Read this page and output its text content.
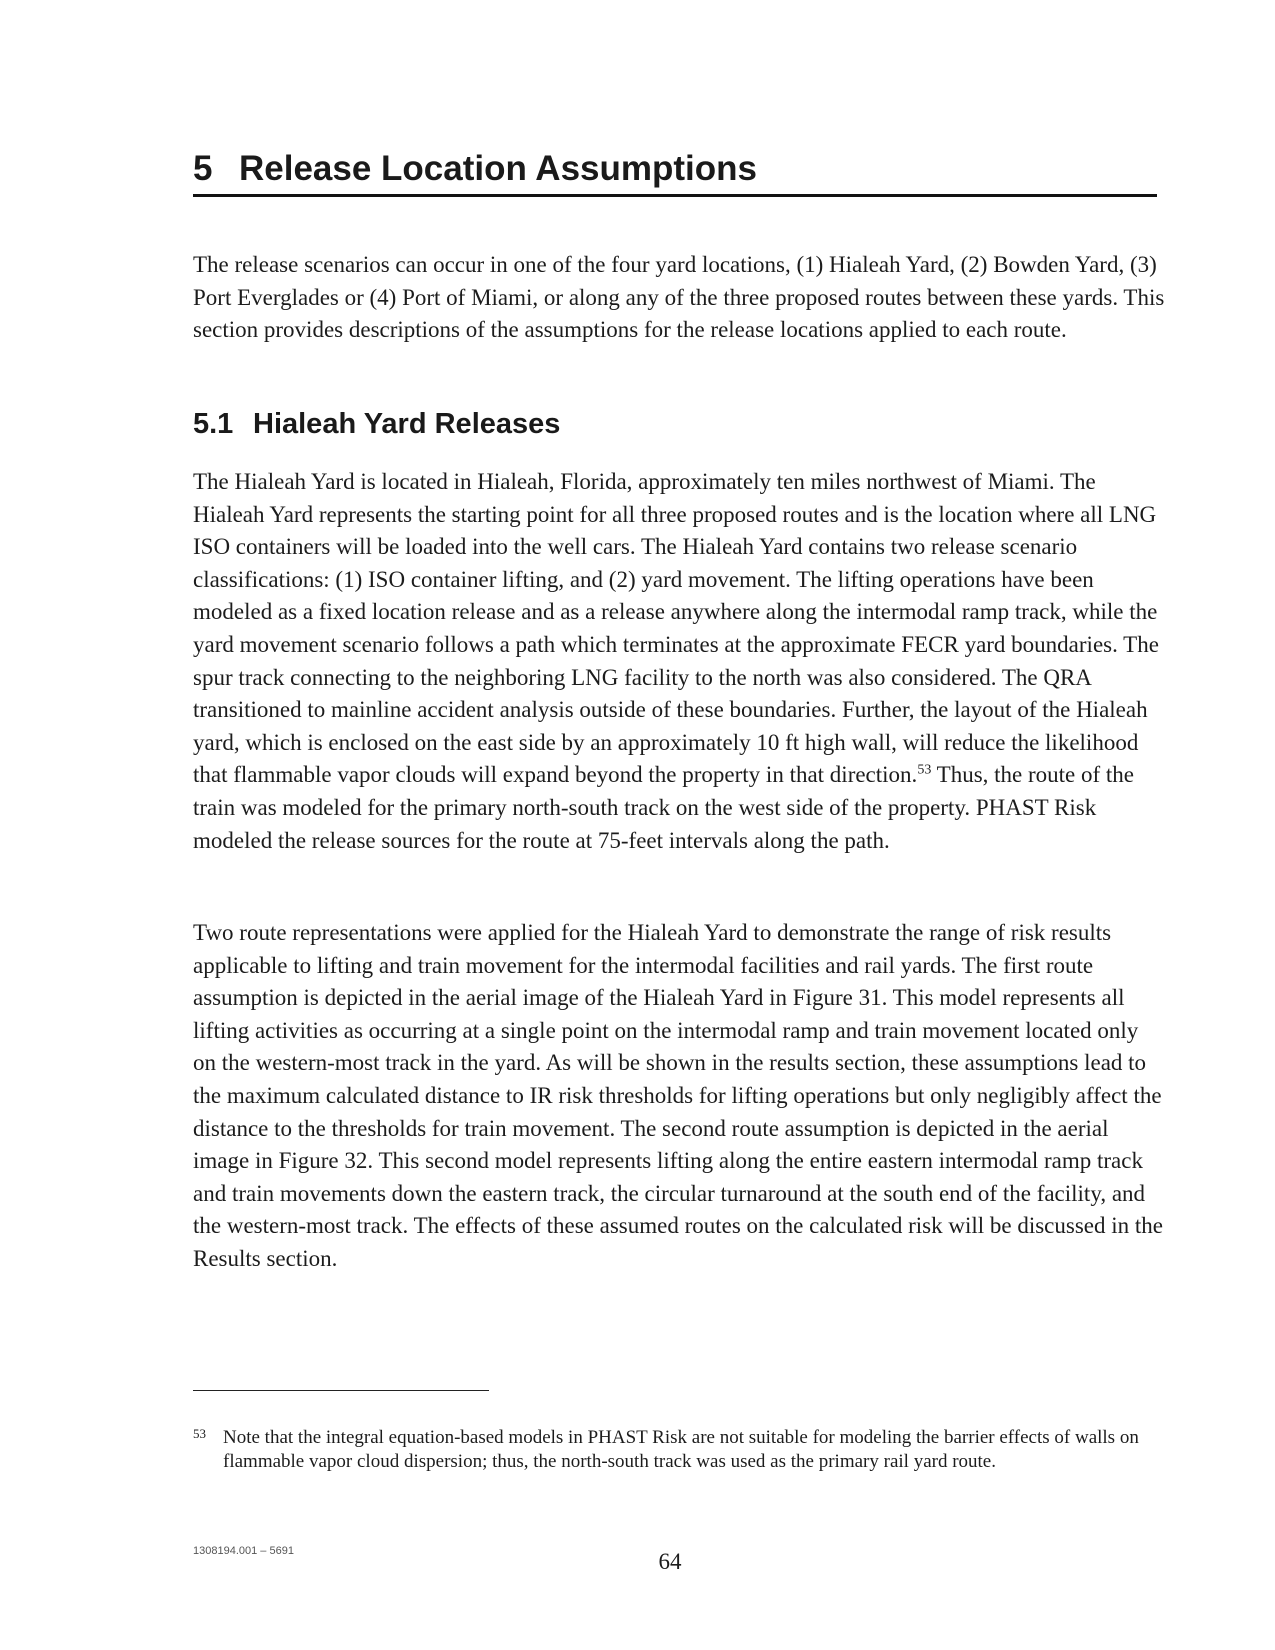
5 Release Location Assumptions

The release scenarios can occur in one of the four yard locations, (1) Hialeah Yard, (2) Bowden Yard, (3) Port Everglades or (4) Port of Miami, or along any of the three proposed routes between these yards. This section provides descriptions of the assumptions for the release locations applied to each route.

5.1 Hialeah Yard Releases

The Hialeah Yard is located in Hialeah, Florida, approximately ten miles northwest of Miami. The Hialeah Yard represents the starting point for all three proposed routes and is the location where all LNG ISO containers will be loaded into the well cars. The Hialeah Yard contains two release scenario classifications: (1) ISO container lifting, and (2) yard movement. The lifting operations have been modeled as a fixed location release and as a release anywhere along the intermodal ramp track, while the yard movement scenario follows a path which terminates at the approximate FECR yard boundaries. The spur track connecting to the neighboring LNG facility to the north was also considered. The QRA transitioned to mainline accident analysis outside of these boundaries. Further, the layout of the Hialeah yard, which is enclosed on the east side by an approximately 10 ft high wall, will reduce the likelihood that flammable vapor clouds will expand beyond the property in that direction.$^{53}$ Thus, the route of the train was modeled for the primary north-south track on the west side of the property. PHAST Risk modeled the release sources for the route at 75-feet intervals along the path.

Two route representations were applied for the Hialeah Yard to demonstrate the range of risk results applicable to lifting and train movement for the intermodal facilities and rail yards. The first route assumption is depicted in the aerial image of the Hialeah Yard in Figure 31. This model represents all lifting activities as occurring at a single point on the intermodal ramp and train movement located only on the western-most track in the yard. As will be shown in the results section, these assumptions lead to the maximum calculated distance to IR risk thresholds for lifting operations but only negligibly affect the distance to the thresholds for train movement. The second route assumption is depicted in the aerial image in Figure 32. This second model represents lifting along the entire eastern intermodal ramp track and train movements down the eastern track, the circular turnaround at the south end of the facility, and the western-most track. The effects of these assumed routes on the calculated risk will be discussed in the Results section.

53 Note that the integral equation-based models in PHAST Risk are not suitable for modeling the barrier effects of walls on flammable vapor cloud dispersion; thus, the north-south track was used as the primary rail yard route.
1308194.001 – 5691	64
